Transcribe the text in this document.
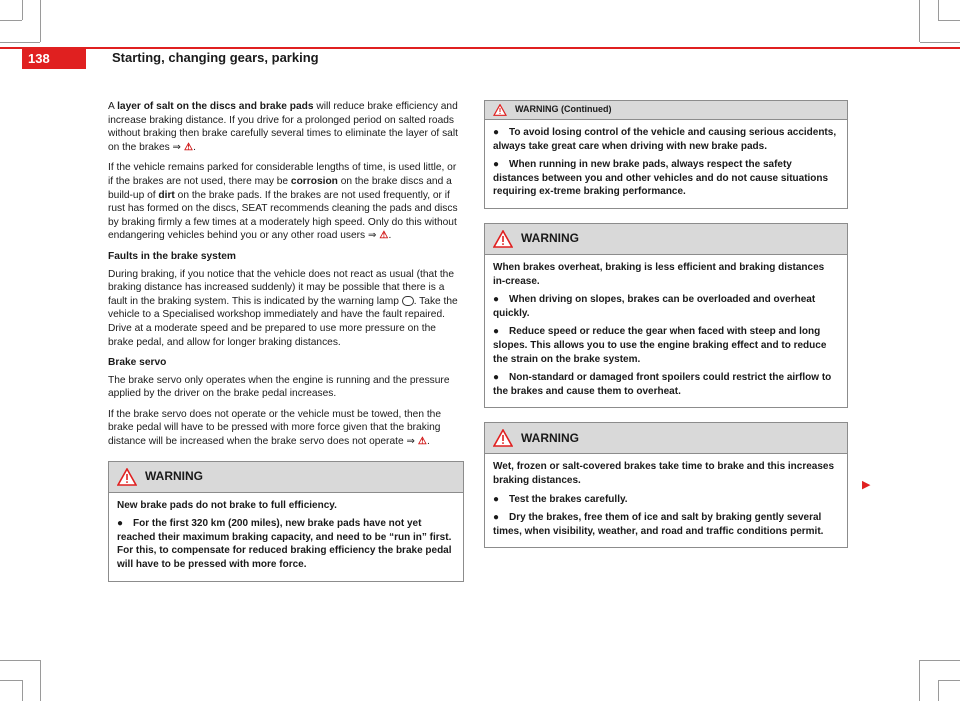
138	Starting, changing gears, parking

A layer of salt on the discs and brake pads will reduce brake efficiency and increase braking distance. If you drive for a prolonged period on salted roads without braking then brake carefully several times to eliminate the layer of salt on the brakes ⇒ ⚠.

If the vehicle remains parked for considerable lengths of time, is used little, or if the brakes are not used, there may be corrosion on the brake discs and a build-up of dirt on the brake pads. If the brakes are not used frequently, or if rust has formed on the discs, SEAT recommends cleaning the pads and discs by braking firmly a few times at a moderately high speed. Only do this without endangering vehicles behind you or any other road users ⇒ ⚠.

Faults in the brake system

During braking, if you notice that the vehicle does not react as usual (that the braking distance has increased suddenly) it may be possible that there is a fault in the braking system. This is indicated by the warning lamp . Take the vehicle to a Specialised workshop immediately and have the fault repaired. Drive at a moderate speed and be prepared to use more pressure on the brake pedal, and allow for longer braking distances.

Brake servo

The brake servo only operates when the engine is running and the pressure applied by the driver on the brake pedal increases.

If the brake servo does not operate or the vehicle must be towed, then the brake pedal will have to be pressed with more force given that the braking distance will be increased when the brake servo does not operate ⇒ ⚠.

WARNING

New brake pads do not brake to full efficiency.

● For the first 320 km (200 miles), new brake pads have not yet reached their maximum braking capacity, and need to be “run in” first. For this, to compensate for reduced braking efficiency the brake pedal will have to be pressed with more force.

WARNING (Continued)

● To avoid losing control of the vehicle and causing serious accidents, always take great care when driving with new brake pads.

● When running in new brake pads, always respect the safety distances between you and other vehicles and do not cause situations requiring ex-treme braking performance.

WARNING

When brakes overheat, braking is less efficient and braking distances in-crease.

● When driving on slopes, brakes can be overloaded and overheat quickly.

● Reduce speed or reduce the gear when faced with steep and long slopes. This allows you to use the engine braking effect and to reduce the strain on the brake system.

● Non-standard or damaged front spoilers could restrict the airflow to the brakes and cause them to overheat.

WARNING

Wet, frozen or salt-covered brakes take time to brake and this increases braking distances.

● Test the brakes carefully.

● Dry the brakes, free them of ice and salt by braking gently several times, when visibility, weather, and road and traffic conditions permit.

▶
